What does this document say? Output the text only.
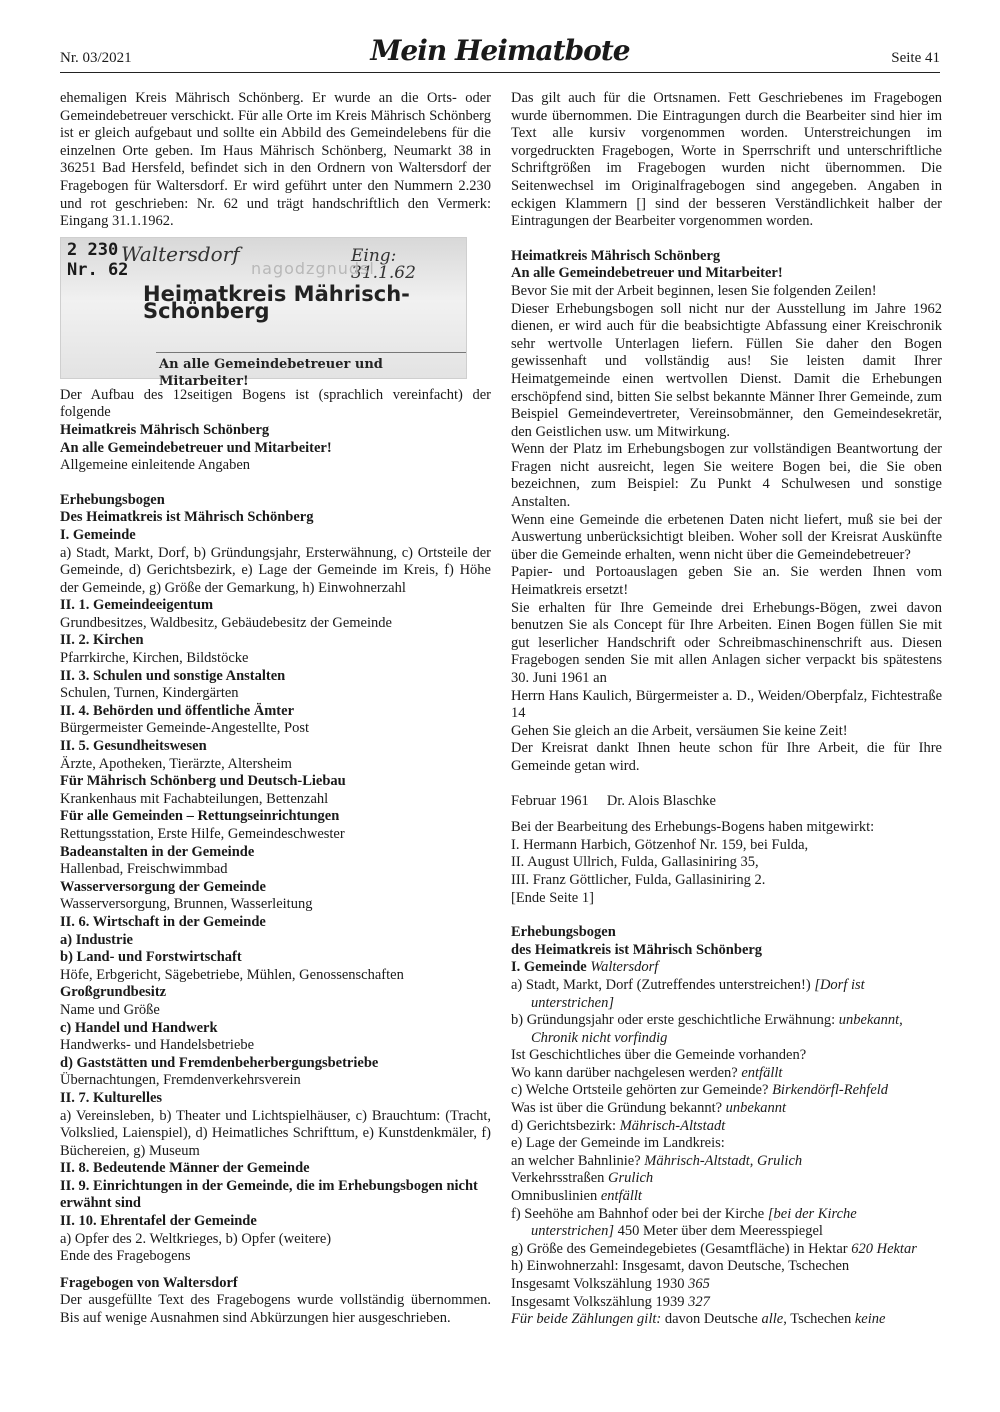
Nr. 03/2021	Mein Heimatbote	Seite 41

ehemaligen Kreis Mährisch Schönberg. Er wurde an die Orts- oder Gemeindebetreuer verschickt. Für alle Orte im Kreis Mährisch Schönberg ist er gleich aufgebaut und sollte ein Abbild des Gemeindelebens für die einzelnen Orte geben. Im Haus Mährisch Schönberg, Neumarkt 38 in 36251 Bad Hersfeld, befindet sich in den Ordnern von Waltersdorf der Fragebogen für Waltersdorf. Er wird geführt unter den Nummern 2.230 und rot geschrieben: Nr. 62 und trägt handschriftlich den Vermerk: Eingang 31.1.1962.

2 230
Nr. 62
Waltersdorf	Eing: 31.1.62
nagodzgnudsl
Heimatkreis Mährisch-Schönberg
An alle Gemeindebetreuer und Mitarbeiter!

Der Aufbau des 12seitigen Bogens ist (sprachlich vereinfacht) der folgende

Heimatkreis Mährisch Schönberg

An alle Gemeindebetreuer und Mitarbeiter!

Allgemeine einleitende Angaben

Erhebungsbogen

Des Heimatkreis ist Mährisch Schönberg

I. Gemeinde

a) Stadt, Markt, Dorf, b) Gründungsjahr, Ersterwähnung, c) Ortsteile der Gemeinde, d) Gerichtsbezirk, e) Lage der Gemeinde im Kreis, f) Höhe der Gemeinde, g) Größe der Gemarkung, h) Einwohnerzahl

II. 1. Gemeindeeigentum

Grundbesitzes, Waldbesitz, Gebäudebesitz der Gemeinde

II. 2. Kirchen

Pfarrkirche, Kirchen, Bildstöcke

II. 3. Schulen und sonstige Anstalten

Schulen, Turnen, Kindergärten

II. 4. Behörden und öffentliche Ämter

Bürgermeister Gemeinde-Angestellte, Post

II. 5. Gesundheitswesen

Ärzte, Apotheken, Tierärzte, Altersheim

Für Mährisch Schönberg und Deutsch-Liebau

Krankenhaus mit Fachabteilungen, Bettenzahl

Für alle Gemeinden – Rettungseinrichtungen

Rettungsstation, Erste Hilfe, Gemeindeschwester

Badeanstalten in der Gemeinde

Hallenbad, Freischwimmbad

Wasserversorgung der Gemeinde

Wasserversorgung, Brunnen, Wasserleitung

II. 6. Wirtschaft in der Gemeinde

a) Industrie

b) Land- und Forstwirtschaft

Höfe, Erbgericht, Sägebetriebe, Mühlen, Genossenschaften

Großgrundbesitz

Name und Größe

c) Handel und Handwerk

Handwerks- und Handelsbetriebe

d) Gaststätten und Fremdenbeherbergungsbetriebe

Übernachtungen, Fremdenverkehrsverein

II. 7. Kulturelles

a) Vereinsleben, b) Theater und Lichtspielhäuser, c) Brauchtum: (Tracht, Volkslied, Laienspiel), d) Heimatliches Schrifttum, e) Kunstdenkmäler, f) Büchereien, g) Museum

II. 8. Bedeutende Männer der Gemeinde

II. 9. Einrichtungen in der Gemeinde, die im Erhebungsbogen nicht erwähnt sind

II. 10. Ehrentafel der Gemeinde

a) Opfer des 2. Weltkrieges, b) Opfer (weitere)

Ende des Fragebogens

Fragebogen von Waltersdorf

Der ausgefüllte Text des Fragebogens wurde vollständig übernommen. Bis auf wenige Ausnahmen sind Abkürzungen hier ausgeschrieben.

Das gilt auch für die Ortsnamen. Fett Geschriebenes im Fragebogen wurde übernommen. Die Eintragungen durch die Bearbeiter sind hier im Text alle kursiv vorgenommen worden. Unterstreichungen im vorgedruckten Fragebogen, Worte in Sperrschrift und unterschriftliche Schriftgrößen im Fragebogen wurden nicht übernommen. Die Seitenwechsel im Originalfragebogen sind angegeben. Angaben in eckigen Klammern [] sind der besseren Verständlichkeit halber der Eintragungen der Bearbeiter vorgenommen worden.

Heimatkreis Mährisch Schönberg

An alle Gemeindebetreuer und Mitarbeiter!

Bevor Sie mit der Arbeit beginnen, lesen Sie folgenden Zeilen!

Dieser Erhebungsbogen soll nicht nur der Ausstellung im Jahre 1962 dienen, er wird auch für die beabsichtigte Abfassung einer Kreischronik sehr wertvolle Unterlagen liefern. Füllen Sie daher den Bogen gewissenhaft und vollständig aus! Sie leisten damit Ihrer Heimatgemeinde einen wertvollen Dienst. Damit die Erhebungen erschöpfend sind, bitten Sie selbst bekannte Männer Ihrer Gemeinde, zum Beispiel Gemeindevertreter, Vereinsobmänner, den Gemeindesekretär, den Geistlichen usw. um Mitwirkung.

Wenn der Platz im Erhebungsbogen zur vollständigen Beantwortung der Fragen nicht ausreicht, legen Sie weitere Bogen bei, die Sie oben bezeichnen, zum Beispiel: Zu Punkt 4 Schulwesen und sonstige Anstalten.

Wenn eine Gemeinde die erbetenen Daten nicht liefert, muß sie bei der Auswertung unberücksichtigt bleiben. Woher soll der Kreisrat Auskünfte über die Gemeinde erhalten, wenn nicht über die Gemeindebetreuer?

Papier- und Portoauslagen geben Sie an. Sie werden Ihnen vom Heimatkreis ersetzt!

Sie erhalten für Ihre Gemeinde drei Erhebungs-Bögen, zwei davon benutzen Sie als Concept für Ihre Arbeiten. Einen Bogen füllen Sie mit gut leserlicher Handschrift oder Schreibmaschinenschrift aus. Diesen Fragebogen senden Sie mit allen Anlagen sicher verpackt bis spätestens 30. Juni 1961 an

Herrn Hans Kaulich, Bürgermeister a. D., Weiden/Oberpfalz, Fichtestraße 14

Gehen Sie gleich an die Arbeit, versäumen Sie keine Zeit!

Der Kreisrat dankt Ihnen heute schon für Ihre Arbeit, die für Ihre Gemeinde getan wird.

Februar 1961     Dr. Alois Blaschke

Bei der Bearbeitung des Erhebungs-Bogens haben mitgewirkt:

I. Hermann Harbich, Götzenhof Nr. 159, bei Fulda,

II. August Ullrich, Fulda, Gallasiniring 35,

III. Franz Göttlicher, Fulda, Gallasiniring 2.

[Ende Seite 1]

Erhebungsbogen

des Heimatkreis ist Mährisch Schönberg

I. Gemeinde Waltersdorf

a) Stadt, Markt, Dorf (Zutreffendes unterstreichen!) [Dorf ist unterstrichen]

b) Gründungsjahr oder erste geschichtliche Erwähnung: unbekannt, Chronik nicht vorfindig

Ist Geschichtliches über die Gemeinde vorhanden?

Wo kann darüber nachgelesen werden? entfällt

c) Welche Ortsteile gehörten zur Gemeinde? Birkendörfl-Rehfeld

Was ist über die Gründung bekannt? unbekannt

d) Gerichtsbezirk: Mährisch-Altstadt

e) Lage der Gemeinde im Landkreis:

an welcher Bahnlinie? Mährisch-Altstadt, Grulich

Verkehrsstraßen Grulich

Omnibuslinien entfällt

f) Seehöhe am Bahnhof oder bei der Kirche [bei der Kirche unterstrichen] 450 Meter über dem Meeresspiegel

g) Größe des Gemeindegebietes (Gesamtfläche) in Hektar 620 Hektar

h) Einwohnerzahl: Insgesamt, davon Deutsche, Tschechen

Insgesamt Volkszählung 1930 365

Insgesamt Volkszählung 1939 327

Für beide Zählungen gilt: davon Deutsche alle, Tschechen keine
